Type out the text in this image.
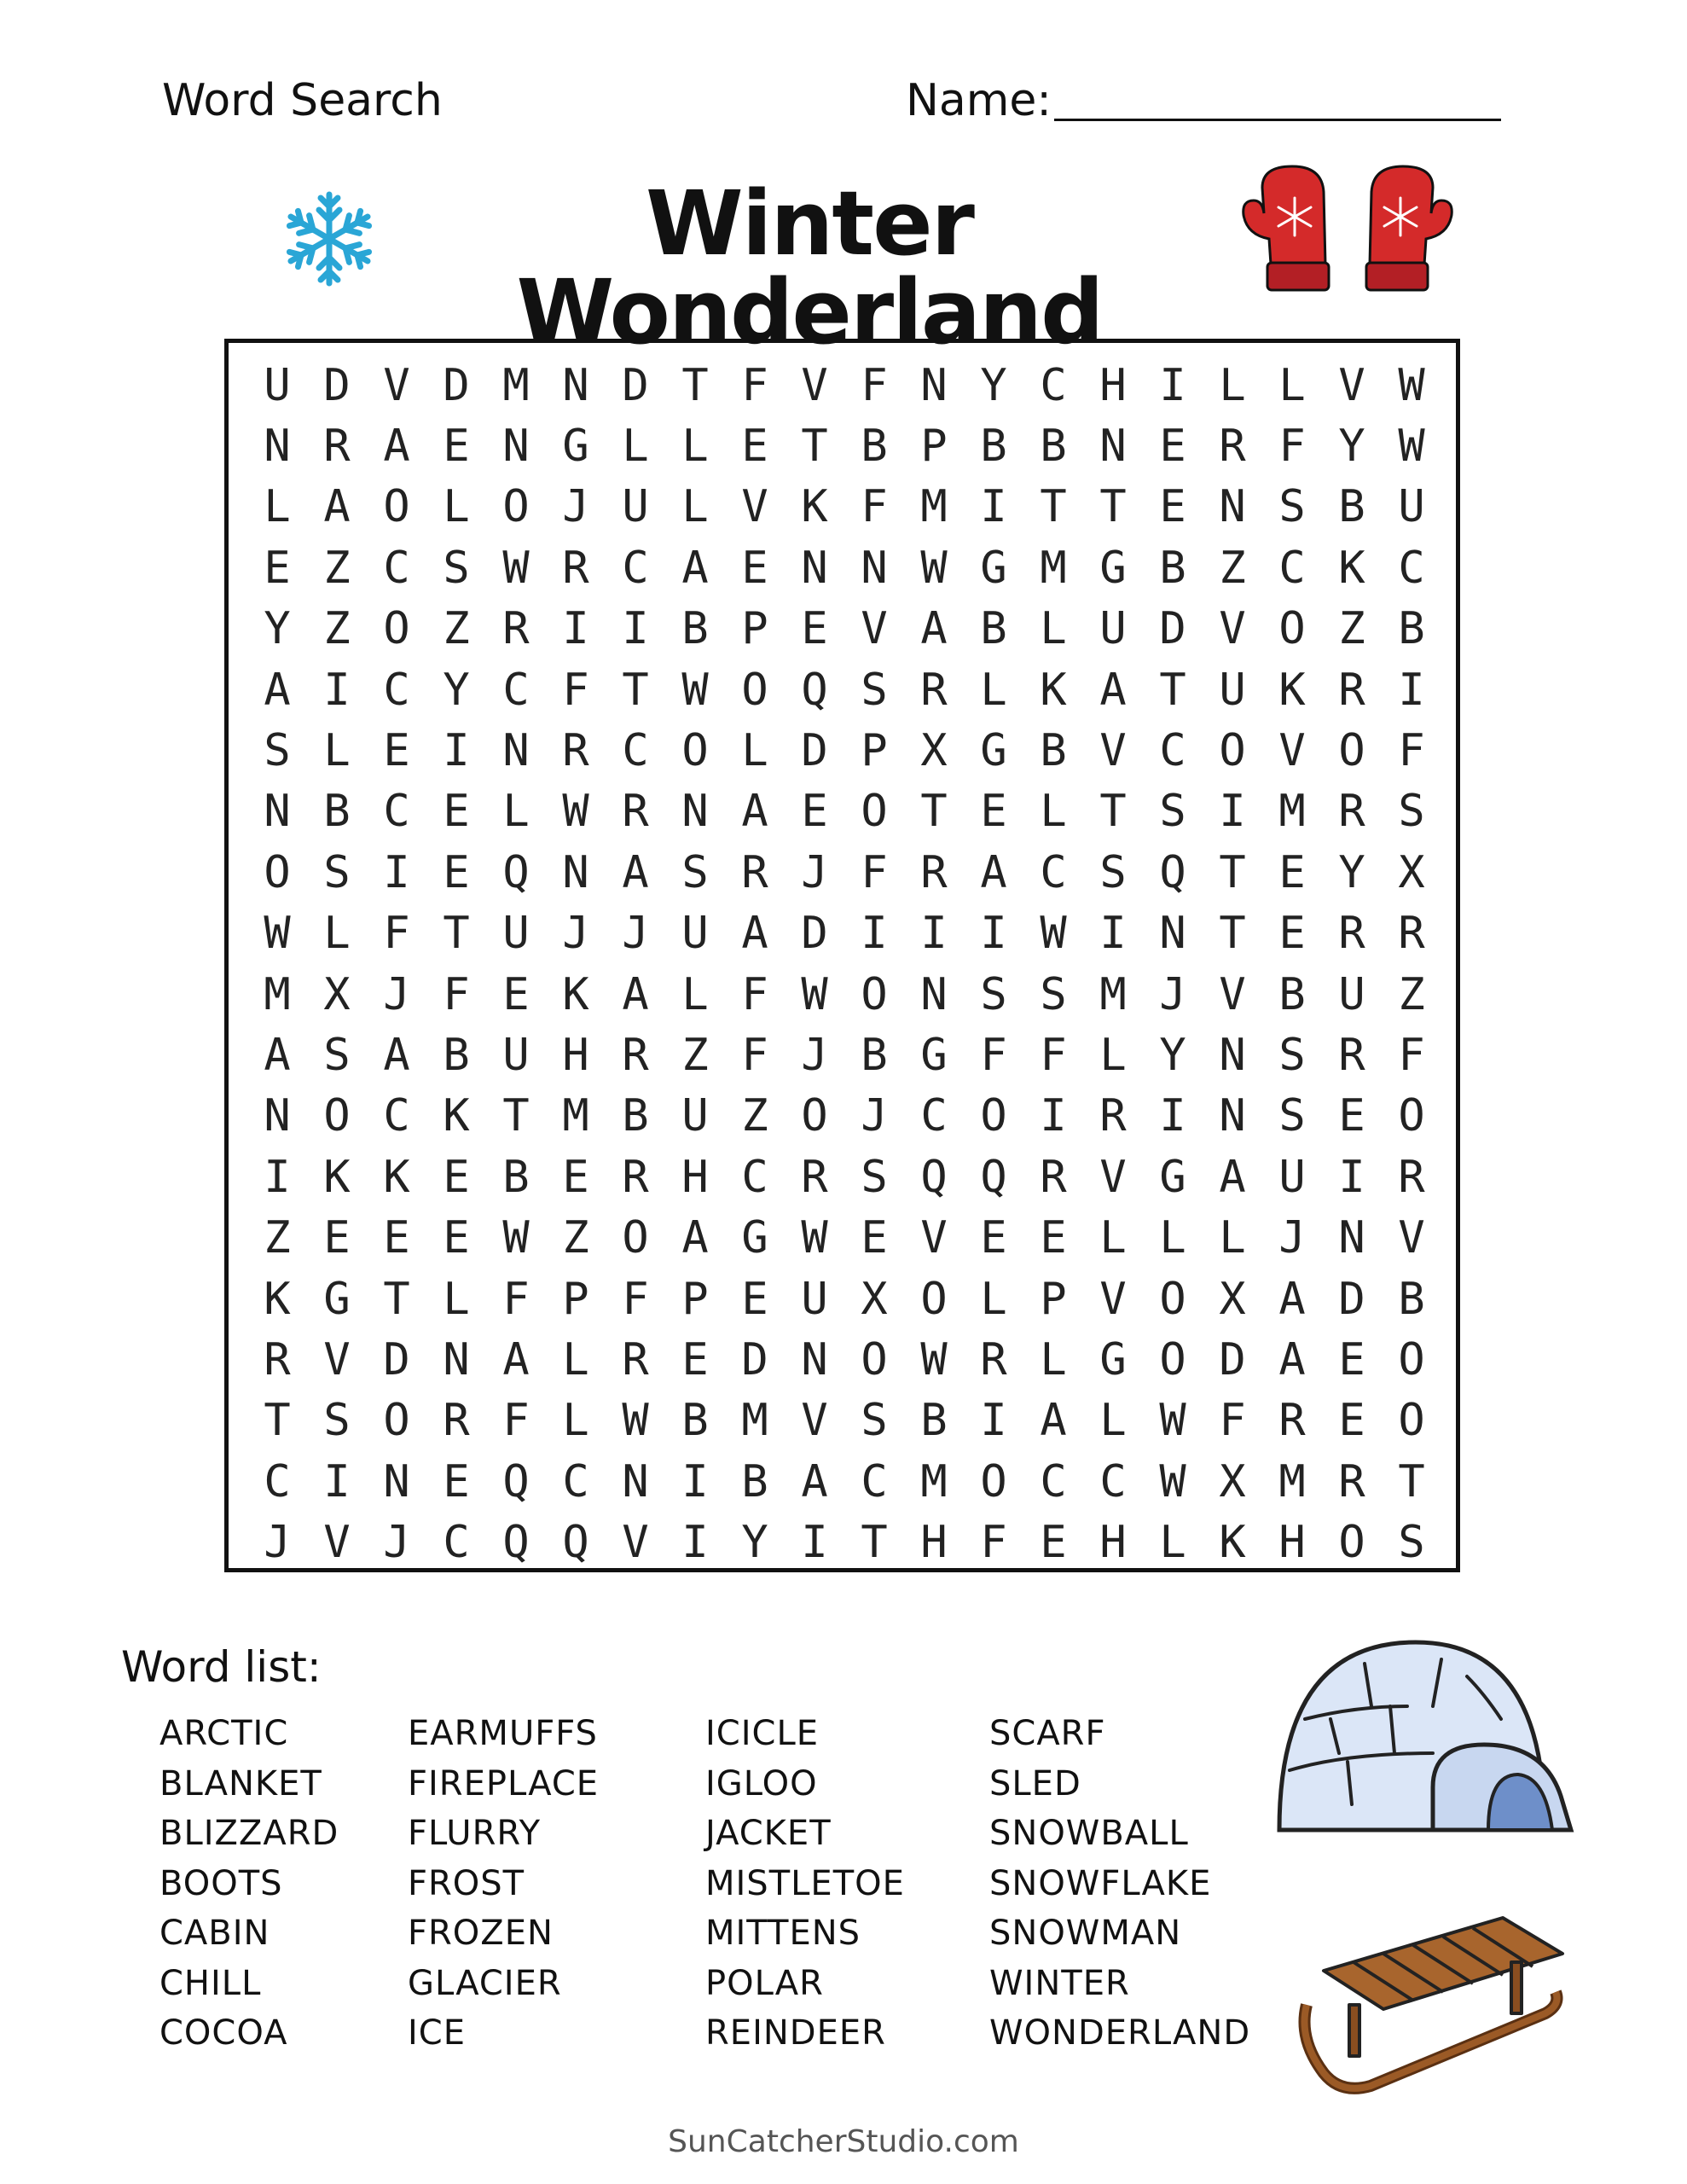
Word Search	Name:
Winter Wonderland
U D V D M N D T F V F N Y C H I L L V W
N R A E N G L L E T B P B B N E R F Y W
L A O L O J U L V K F M I T T E N S B U
E Z C S W R C A E N N W G M G B Z C K C
Y Z O Z R I I B P E V A B L U D V O Z B
A I C Y C F T W O Q S R L K A T U K R I
S L E I N R C O L D P X G B V C O V O F
N B C E L W R N A E O T E L T S I M R S
O S I E Q N A S R J F R A C S Q T E Y X
W L F T U J J U A D I I I W I N T E R R
M X J F E K A L F W O N S S M J V B U Z
A S A B U H R Z F J B G F F L Y N S R F
N O C K T M B U Z O J C O I R I N S E O
I K K E B E R H C R S Q Q R V G A U I R
Z E E E W Z O A G W E V E E L L L J N V
K G T L F P F P E U X O L P V O X A D B
R V D N A L R E D N O W R L G O D A E O
T S O R F L W B M V S B I A L W F R E O
C I N E Q C N I B A C M O C C W X M R T
J V J C Q Q V I Y I T H F E H L K H O S
Word list:
ARCTIC
BLANKET
BLIZZARD
BOOTS
CABIN
CHILL
COCOA
EARMUFFS
FIREPLACE
FLURRY
FROST
FROZEN
GLACIER
ICE
ICICLE
IGLOO
JACKET
MISTLETOE
MITTENS
POLAR
REINDEER
SCARF
SLED
SNOWBALL
SNOWFLAKE
SNOWMAN
WINTER
WONDERLAND
SunCatcherStudio.com
